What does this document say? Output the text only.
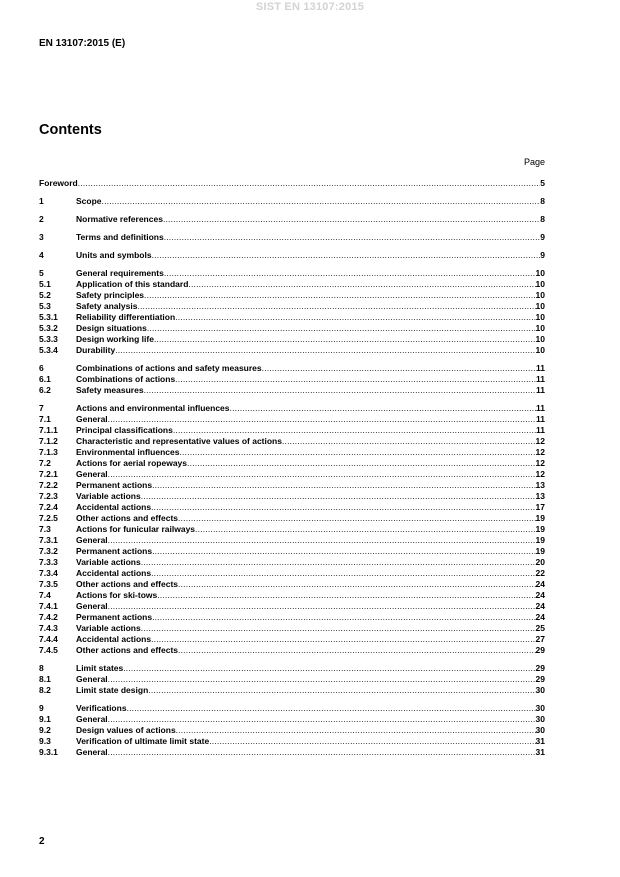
SIST EN 13107:2015
EN 13107:2015 (E)
Contents
Page
Foreword .....	5
1	Scope .....	8
2	Normative references .....	8
3	Terms and definitions .....	9
4	Units and symbols .....	9
5	General requirements .....	10
5.1	Application of this standard .....	10
5.2	Safety principles .....	10
5.3	Safety analysis .....	10
5.3.1	Reliability differentiation .....	10
5.3.2	Design situations .....	10
5.3.3	Design working life .....	10
5.3.4	Durability .....	10
6	Combinations of actions and safety measures .....	11
6.1	Combinations of actions .....	11
6.2	Safety measures .....	11
7	Actions and environmental influences .....	11
7.1	General .....	11
7.1.1	Principal classifications .....	11
7.1.2	Characteristic and representative values of actions .....	12
7.1.3	Environmental influences .....	12
7.2	Actions for aerial ropeways .....	12
7.2.1	General .....	12
7.2.2	Permanent actions .....	13
7.2.3	Variable actions .....	13
7.2.4	Accidental actions .....	17
7.2.5	Other actions and effects .....	19
7.3	Actions for funicular railways .....	19
7.3.1	General .....	19
7.3.2	Permanent actions .....	19
7.3.3	Variable actions .....	20
7.3.4	Accidental actions .....	22
7.3.5	Other actions and effects .....	24
7.4	Actions for ski-tows .....	24
7.4.1	General .....	24
7.4.2	Permanent actions .....	24
7.4.3	Variable actions .....	25
7.4.4	Accidental actions .....	27
7.4.5	Other actions and effects .....	29
8	Limit states .....	29
8.1	General .....	29
8.2	Limit state design .....	30
9	Verifications .....	30
9.1	General .....	30
9.2	Design values of actions .....	30
9.3	Verification of ultimate limit state .....	31
9.3.1	General .....	31
2
